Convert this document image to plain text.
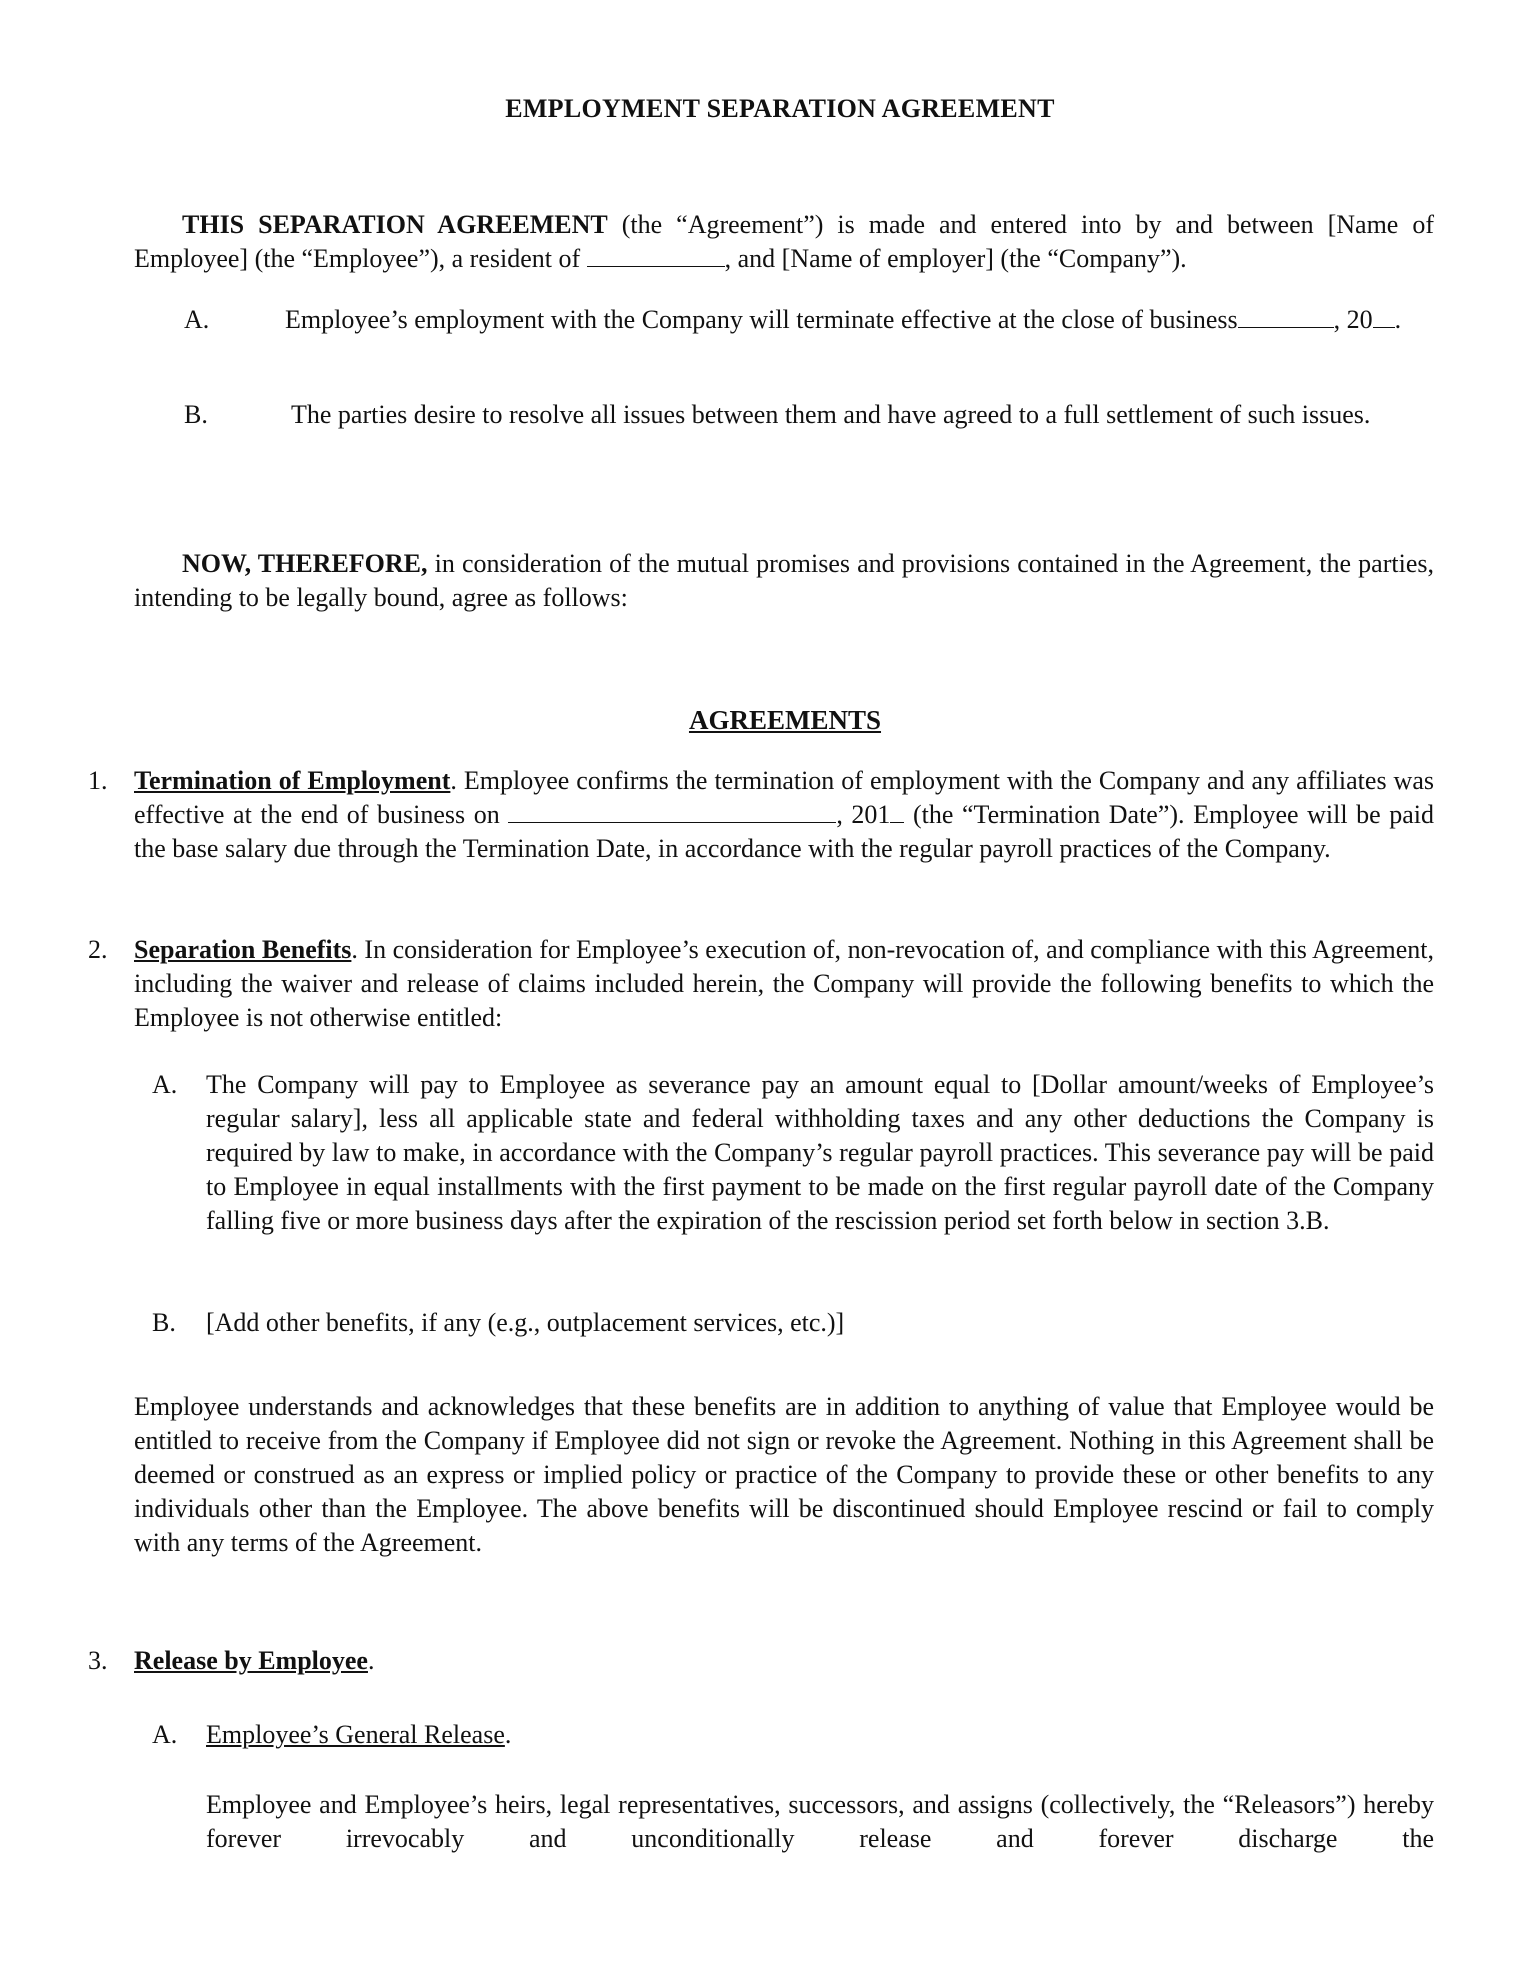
EMPLOYMENT SEPARATION AGREEMENT
THIS SEPARATION AGREEMENT (the “Agreement”) is made and entered into by and between [Name of Employee] (the “Employee”), a resident of	, and [Name of employer] (the “Company”).
A.	Employee’s employment with the Company will terminate effective at the close of business	, 20 .
B.	The parties desire to resolve all issues between them and have agreed to a full settlement of such issues.
NOW, THEREFORE, in consideration of the mutual promises and provisions contained in the Agreement, the parties, intending to be legally bound, agree as follows:
AGREEMENTS
1. Termination of Employment. Employee confirms the termination of employment with the Company and any affiliates was effective at the end of business on	, 201 (the “Termination Date”). Employee will be paid the base salary due through the Termination Date, in accordance with the regular payroll practices of the Company.
2. Separation Benefits. In consideration for Employee’s execution of, non-revocation of, and compliance with this Agreement, including the waiver and release of claims included herein, the Company will provide the following benefits to which the Employee is not otherwise entitled:
A. The Company will pay to Employee as severance pay an amount equal to [Dollar amount/weeks of Employee’s regular salary], less all applicable state and federal withholding taxes and any other deductions the Company is required by law to make, in accordance with the Company’s regular payroll practices. This severance pay will be paid to Employee in equal installments with the first payment to be made on the first regular payroll date of the Company falling five or more business days after the expiration of the rescission period set forth below in section 3.B.
B. [Add other benefits, if any (e.g., outplacement services, etc.)]
Employee understands and acknowledges that these benefits are in addition to anything of value that Employee would be entitled to receive from the Company if Employee did not sign or revoke the Agreement. Nothing in this Agreement shall be deemed or construed as an express or implied policy or practice of the Company to provide these or other benefits to any individuals other than the Employee. The above benefits will be discontinued should Employee rescind or fail to comply with any terms of the Agreement.
3. Release by Employee.
A. Employee’s General Release.
Employee and Employee’s heirs, legal representatives, successors, and assigns (collectively, the “Releasors”) hereby forever irrevocably and unconditionally release and forever discharge the
